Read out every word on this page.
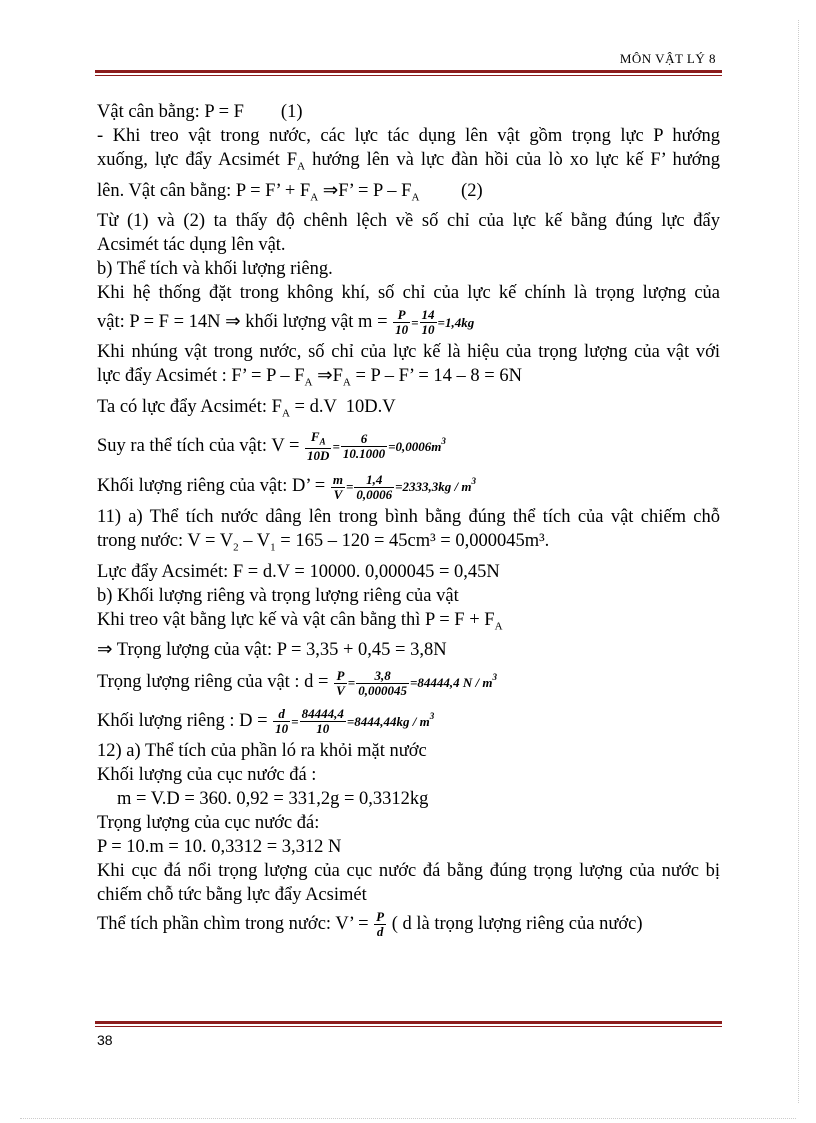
MÔN VẬT LÝ 8

Vật cân bằng: P = F        (1)

- Khi treo vật trong nước, các lực tác dụng lên vật gồm trọng lực P hướng

xuống, lực đẩy Acsimét $F_A$ hướng lên và lực đàn hồi của lò xo lực kế F’ hướng

lên. Vật cân bằng: P = F’ + $F_A$ ⇒F’ = P – $F_A$         (2)

Từ (1) và (2) ta thấy độ chênh lệch về số chỉ của lực kế bằng đúng lực đẩy

Acsimét tác dụng lên vật.

b) Thể tích và khối lượng riêng.

Khi hệ thống đặt trong không khí, số chỉ của lực kế chính là trọng lượng của

vật: P = F = 14N ⇒ khối lượng vật $m = \frac{P}{10} = \frac{14}{10} =1,4kg$

Khi nhúng vật trong nước, số chỉ của lực kế là hiệu của trọng lượng của vật với

lực đẩy Acsimét : F’ = P – $F_A$ $\Rightarrow F_A = P - F$’ = 14 – 8 = 6N

Ta có lực đẩy Acsimét: $F_A = d.V$  10D.V

Suy ra thể tích của vật: $V = \frac{F_A}{10D} = \frac{6}{10.1000} =0,0006m^3$

Khối lượng riêng của vật: D’ = $\frac{m}{V} = \frac{1,4}{0,0006} =2333,3kg / m^3$

11) a) Thể tích nước dâng lên trong bình bằng đúng thể tích của vật chiếm chỗ

trong nước: $V = V_2 - V_1 = 165 - 120 = 45cm^3 = 0,000045m^3$.

Lực đẩy Acsimét: F = d.V = 10000. 0,000045 = 0,45N

b) Khối lượng riêng và trọng lượng riêng của vật

Khi treo vật bằng lực kế và vật cân bằng thì $P = F + F_A$

⇒ Trọng lượng của vật: P = 3,35 + 0,45 = 3,8N

Trọng lượng riêng của vật : $d = \frac{P}{V} = \frac{3,8}{0,000045} =84444,4$ N / $m^3$

Khối lượng riêng : $D = \frac{d}{10} = \frac{84444,4}{10} =8444,44kg / m^3$

12) a) Thể tích của phần ló ra khỏi mặt nước

Khối lượng của cục nước đá :

m = V.D = 360. 0,92 = 331,2g = 0,3312kg

Trọng lượng của cục nước đá:

P = 10.m = 10. 0,3312 = 3,312 N

Khi cục đá nổi trọng lượng của cục nước đá bằng đúng trọng lượng của nước bị

chiếm chỗ tức bằng lực đẩy Acsimét

Thể tích phần chìm trong nước: V’ = $\frac{P}{d}$ ( d là trọng lượng riêng của nước)

38
